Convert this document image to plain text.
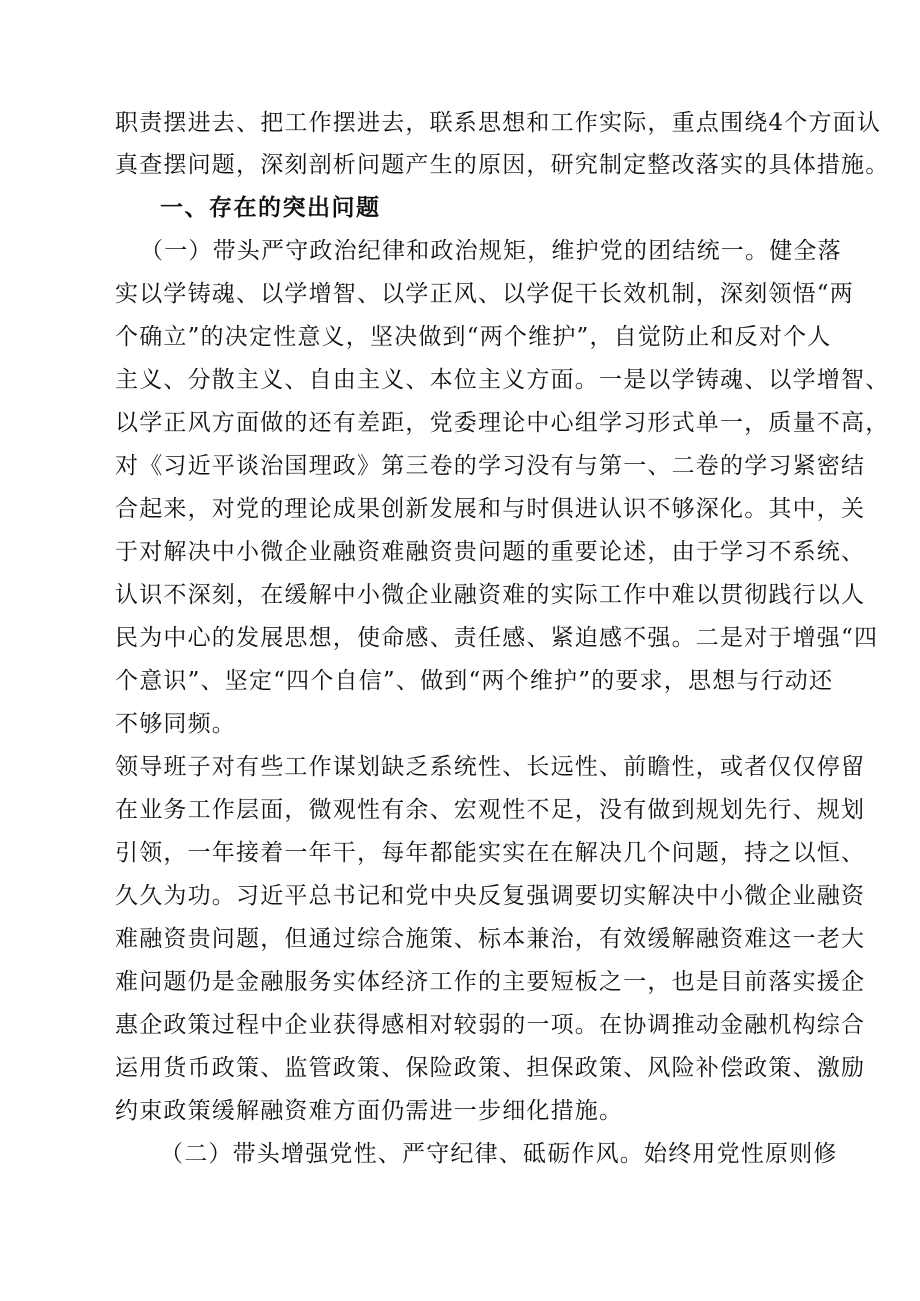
职责摆进去、把工作摆进去，联系思想和工作实际，重点围绕4个方面认
真查摆问题，深刻剖析问题产生的原因，研究制定整改落实的具体措施。
一、存在的突出问题
（一）带头严守政治纪律和政治规矩，维护党的团结统一。健全落
实以学铸魂、以学增智、以学正风、以学促干长效机制，深刻领悟“两
个确立”的决定性意义，坚决做到“两个维护”，自觉防止和反对个人
主义、分散主义、自由主义、本位主义方面。一是以学铸魂、以学增智、
以学正风方面做的还有差距，党委理论中心组学习形式单一，质量不高，
对《习近平谈治国理政》第三卷的学习没有与第一、二卷的学习紧密结
合起来，对党的理论成果创新发展和与时俱进认识不够深化。其中，关
于对解决中小微企业融资难融资贵问题的重要论述，由于学习不系统、
认识不深刻，在缓解中小微企业融资难的实际工作中难以贯彻践行以人
民为中心的发展思想，使命感、责任感、紧迫感不强。二是对于增强“四
个意识”、坚定“四个自信”、做到“两个维护”的要求，思想与行动还
不够同频。
领导班子对有些工作谋划缺乏系统性、长远性、前瞻性，或者仅仅停留
在业务工作层面，微观性有余、宏观性不足，没有做到规划先行、规划
引领，一年接着一年干，每年都能实实在在解决几个问题，持之以恒、
久久为功。习近平总书记和党中央反复强调要切实解决中小微企业融资
难融资贵问题，但通过综合施策、标本兼治，有效缓解融资难这一老大
难问题仍是金融服务实体经济工作的主要短板之一，也是目前落实援企
惠企政策过程中企业获得感相对较弱的一项。在协调推动金融机构综合
运用货币政策、监管政策、保险政策、担保政策、风险补偿政策、激励
约束政策缓解融资难方面仍需进一步细化措施。
（二）带头增强党性、严守纪律、砥砺作风。始终用党性原则修
